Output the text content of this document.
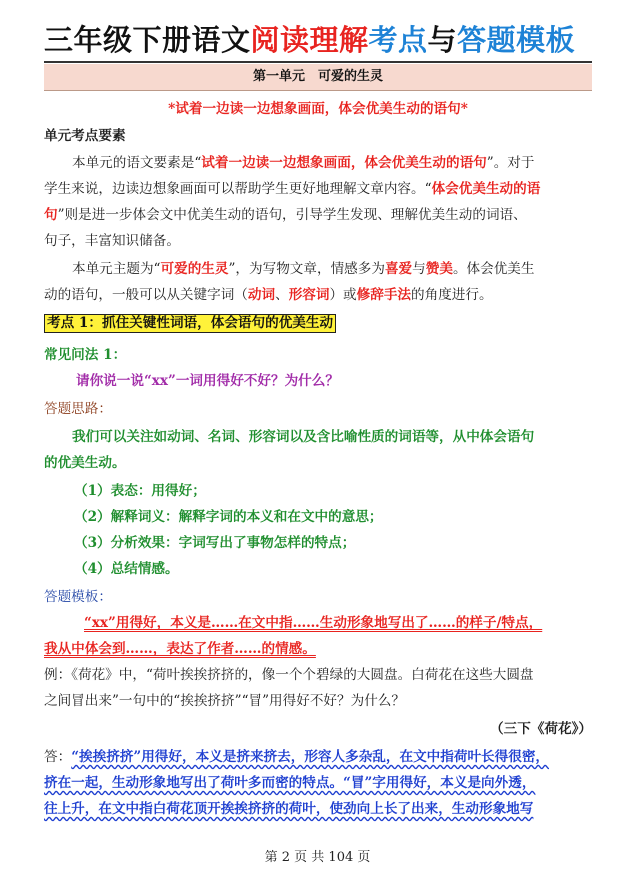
三年级下册语文阅读理解考点与答题模板
第一单元　可爱的生灵
*试着一边读一边想象画面，体会优美生动的语句*
单元考点要素
本单元的语文要素是“试着一边读一边想象画面，体会优美生动的语句”。对于
学生来说，边读边想象画面可以帮助学生更好地理解文章内容。“体会优美生动的语
句”则是进一步体会文中优美生动的语句，引导学生发现、理解优美生动的词语、
句子，丰富知识储备。
本单元主题为“可爱的生灵”，为写物文章，情感多为喜爱与赞美。体会优美生
动的语句，一般可以从关键字词（动词、形容词）或修辞手法的角度进行。
考点 1：抓住关键性词语，体会语句的优美生动
常见问法 1：
请你说一说“xx”一词用得好不好？为什么？
答题思路：
我们可以关注如动词、名词、形容词以及含比喻性质的词语等，从中体会语句
的优美生动。
（1）表态：用得好；
（2）解释词义：解释字词的本义和在文中的意思；
（3）分析效果：字词写出了事物怎样的特点；
（4）总结情感。
答题模板：
“xx”用得好，本义是……在文中指……生动形象地写出了……的样子/特点，
我从中体会到……，表达了作者……的情感。
例：《荷花》中，“荷叶挨挨挤挤的，像一个个碧绿的大圆盘。白荷花在这些大圆盘
之间冒出来”一句中的“挨挨挤挤”“冒”用得好不好？为什么？
（三下《荷花》）
答：“挨挨挤挤”用得好，本义是挤来挤去，形容人多杂乱，在文中指荷叶长得很密，
挤在一起，生动形象地写出了荷叶多而密的特点。“冒”字用得好，本义是向外透，
往上升，在文中指白荷花顶开挨挨挤挤的荷叶，使劲向上长了出来，生动形象地写
第 2 页 共 104 页
